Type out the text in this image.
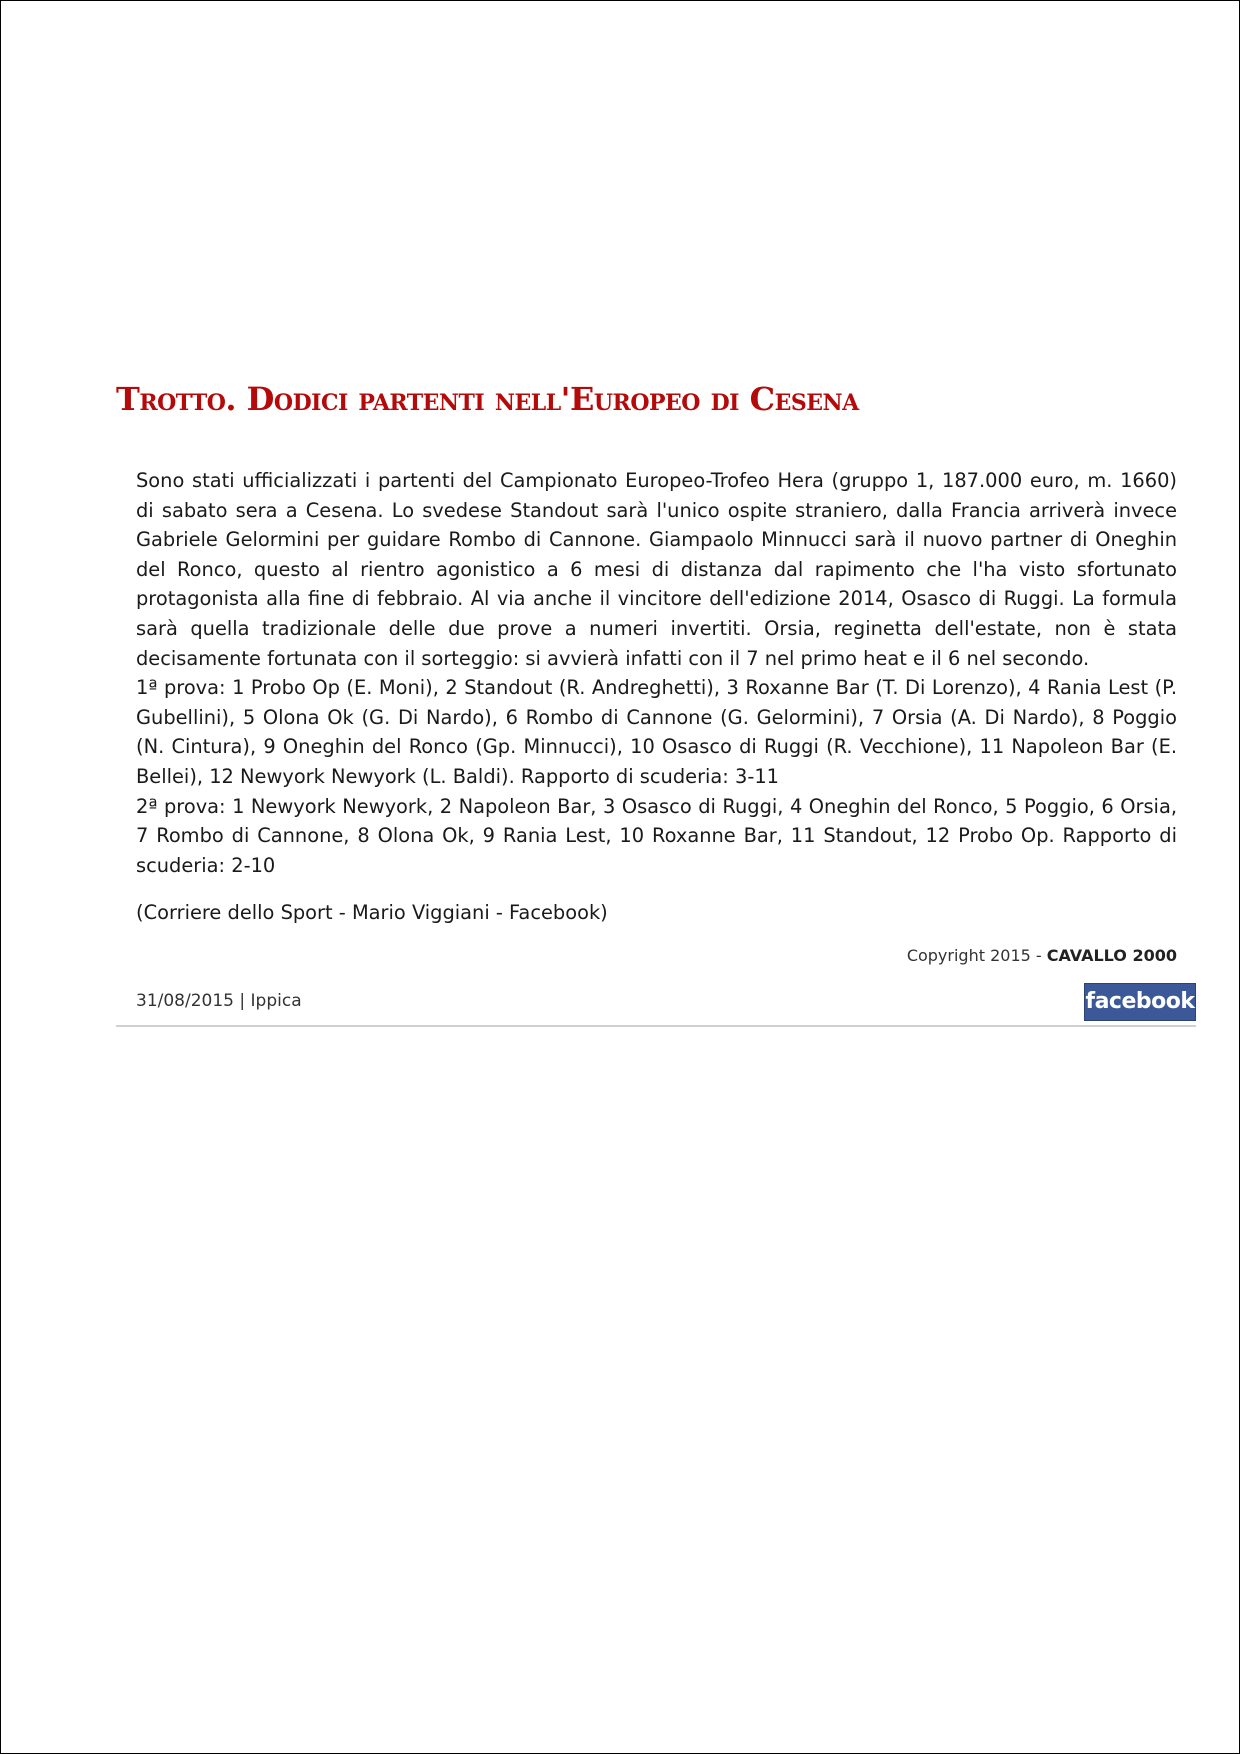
Trotto. Dodici partenti nell'Europeo di Cesena

Sono stati ufficializzati i partenti del Campionato Europeo-Trofeo Hera (gruppo 1, 187.000 euro, m. 1660) di sabato sera a Cesena. Lo svedese Standout sarà l'unico ospite straniero, dalla Francia arriverà invece Gabriele Gelormini per guidare Rombo di Cannone. Giampaolo Minnucci sarà il nuovo partner di Oneghin del Ronco, questo al rientro agonistico a 6 mesi di distanza dal rapimento che l'ha visto sfortunato protagonista alla fine di febbraio. Al via anche il vincitore dell'edizione 2014, Osasco di Ruggi. La formula sarà quella tradizionale delle due prove a numeri invertiti. Orsia, reginetta dell'estate, non è stata decisamente fortunata con il sorteggio: si avvierà infatti con il 7 nel primo heat e il 6 nel secondo.

1ª prova: 1 Probo Op (E. Moni), 2 Standout (R. Andreghetti), 3 Roxanne Bar (T. Di Lorenzo), 4 Rania Lest (P. Gubellini), 5 Olona Ok (G. Di Nardo), 6 Rombo di Cannone (G. Gelormini), 7 Orsia (A. Di Nardo), 8 Poggio (N. Cintura), 9 Oneghin del Ronco (Gp. Minnucci), 10 Osasco di Ruggi (R. Vecchione), 11 Napoleon Bar (E. Bellei), 12 Newyork Newyork (L. Baldi). Rapporto di scuderia: 3-11

2ª prova: 1 Newyork Newyork, 2 Napoleon Bar, 3 Osasco di Ruggi, 4 Oneghin del Ronco, 5 Poggio, 6 Orsia, 7 Rombo di Cannone, 8 Olona Ok, 9 Rania Lest, 10 Roxanne Bar, 11 Standout, 12 Probo Op. Rapporto di scuderia: 2-10

(Corriere dello Sport - Mario Viggiani - Facebook)
Copyright 2015 - CAVALLO 2000
31/08/2015 | Ippica	facebook
